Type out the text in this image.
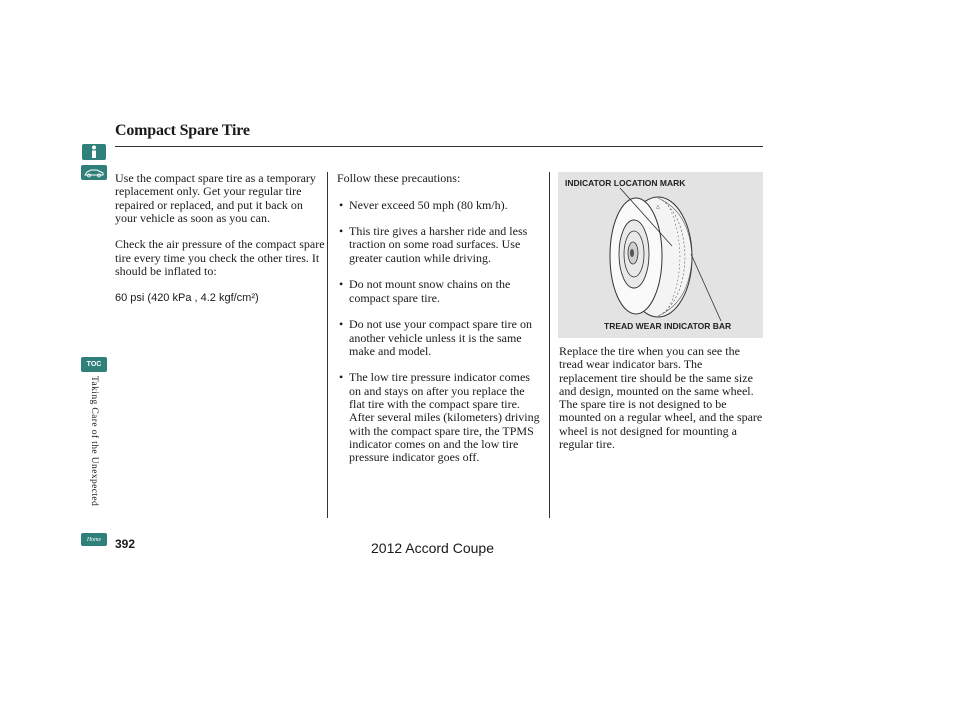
Compact Spare Tire
TOC
Taking Care of the Unexpected
Home

Use the compact spare tire as a temporary replacement only. Get your regular tire repaired or replaced, and put it back on your vehicle as soon as you can.

Check the air pressure of the compact spare tire every time you check the other tires. It should be inflated to:

60 psi (420 kPa , 4.2 kgf/cm²)

Follow these precautions:

• Never exceed 50 mph (80 km/h).
• This tire gives a harsher ride and less traction on some road surfaces. Use greater caution while driving.
• Do not mount snow chains on the compact spare tire.
• Do not use your compact spare tire on another vehicle unless it is the same make and model.
• The low tire pressure indicator comes on and stays on after you replace the flat tire with the compact spare tire. After several miles (kilometers) driving with the compact spare tire, the TPMS indicator comes on and the low tire pressure indicator goes off.
△
INDICATOR LOCATION MARK
TREAD WEAR INDICATOR BAR
Replace the tire when you can see the tread wear indicator bars. The replacement tire should be the same size and design, mounted on the same wheel. The spare tire is not designed to be mounted on a regular wheel, and the spare wheel is not designed for mounting a regular tire.
392	2012 Accord Coupe
